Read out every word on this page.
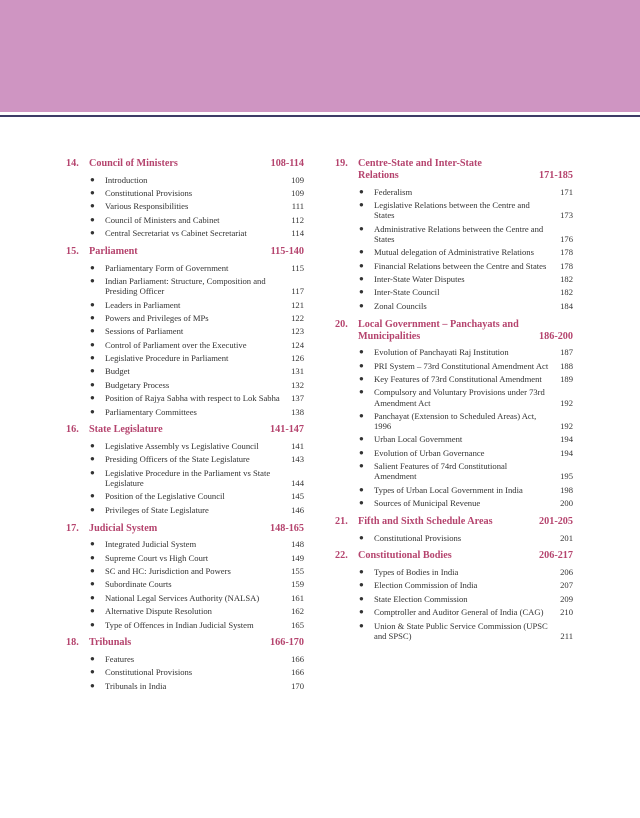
14. Council of Ministers	108-114
● Introduction	109
● Constitutional Provisions	109
● Various Responsibilities	111
● Council of Ministers and Cabinet	112
● Central Secretariat vs Cabinet Secretariat	114
15. Parliament	115-140
● Parliamentary Form of Government	115
● Indian Parliament: Structure, Composition and Presiding Officer	117
● Leaders in Parliament	121
● Powers and Privileges of MPs	122
● Sessions of Parliament	123
● Control of Parliament over the Executive	124
● Legislative Procedure in Parliament	126
● Budget	131
● Budgetary Process	132
● Position of Rajya Sabha with respect to Lok Sabha 137
● Parliamentary Committees	138
16. State Legislature	141-147
● Legislative Assembly vs Legislative Council	141
● Presiding Officers of the State Legislature	143
● Legislative Procedure in the Parliament vs State Legislature	144
● Position of the Legislative Council	145
● Privileges of State Legislature	146
17. Judicial System	148-165
● Integrated Judicial System	148
● Supreme Court vs High Court	149
● SC and HC: Jurisdiction and Powers	155
● Subordinate Courts	159
● National Legal Services Authority (NALSA)	161
● Alternative Dispute Resolution	162
● Type of Offences in Indian Judicial System	165
18. Tribunals	166-170
● Features	166
● Constitutional Provisions	166
● Tribunals in India	170
19. Centre-State and Inter-State Relations	171-185
● Federalism	171
● Legislative Relations between the Centre and States	173
● Administrative Relations between the Centre and States	176
● Mutual delegation of Administrative Relations	178
● Financial Relations between the Centre and States	178
● Inter-State Water Disputes	182
● Inter-State Council	182
● Zonal Councils	184
20. Local Government – Panchayats and Municipalities	186-200
● Evolution of Panchayati Raj Institution	187
● PRI System – 73rd Constitutional Amendment Act	188
● Key Features of 73rd Constitutional Amendment	189
● Compulsory and Voluntary Provisions under 73rd Amendment Act	192
● Panchayat (Extension to Scheduled Areas) Act, 1996	192
● Urban Local Government	194
● Evolution of Urban Governance	194
● Salient Features of 74rd Constitutional Amendment	195
● Types of Urban Local Government in India	198
● Sources of Municipal Revenue	200
21. Fifth and Sixth Schedule Areas	201-205
● Constitutional Provisions	201
22. Constitutional Bodies	206-217
● Types of Bodies in India	206
● Election Commission of India	207
● State Election Commission	209
● Comptroller and Auditor General of India (CAG)	210
● Union & State Public Service Commission (UPSC and SPSC)	211
